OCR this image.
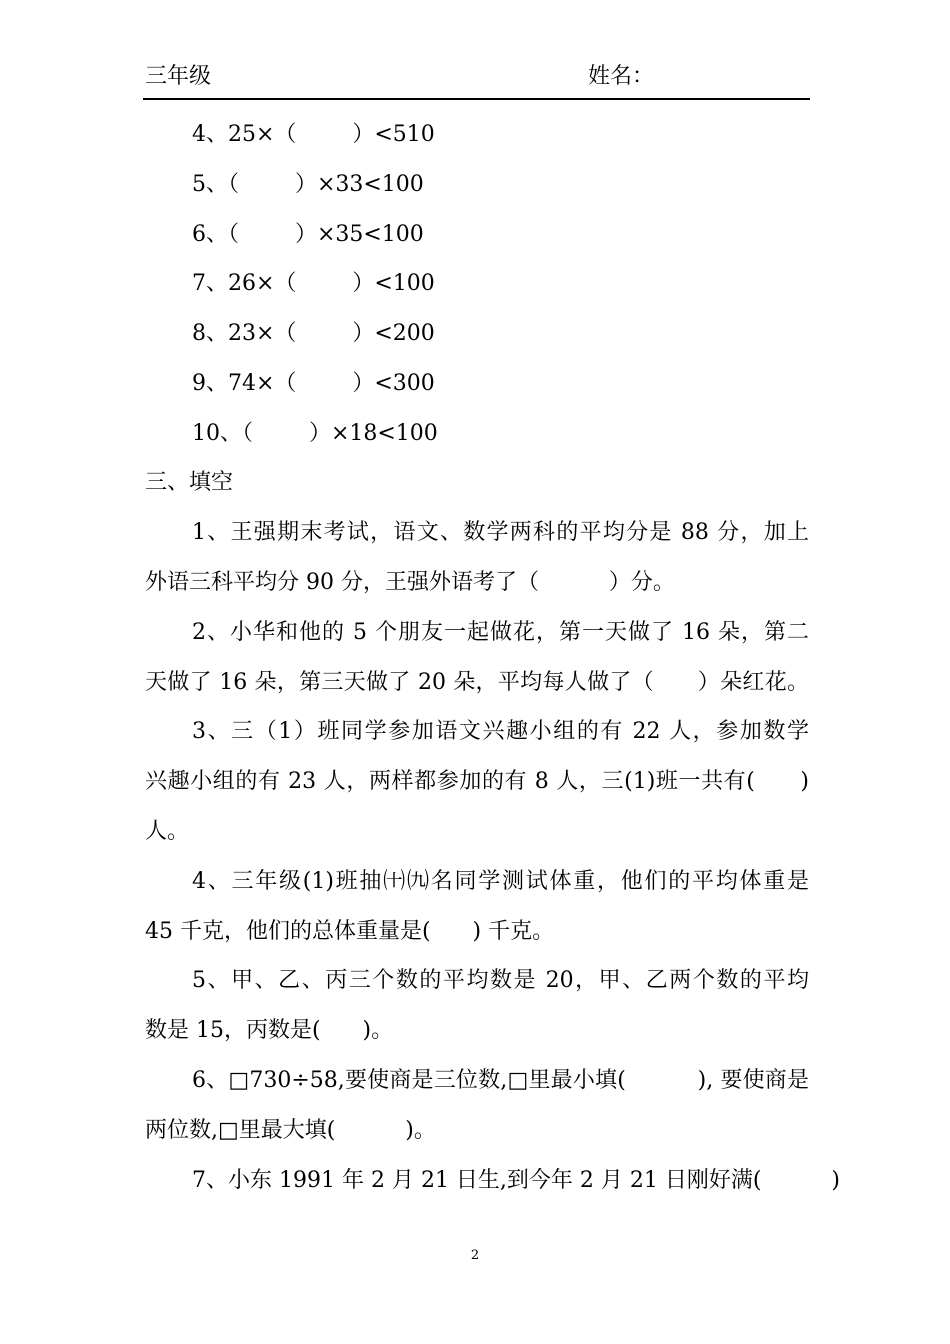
三年级	姓名：
4、25×（        ）<510
5、（        ）×33<100
6、（        ）×35<100
7、26×（        ）<100
8、23×（        ）<200
9、74×（        ）<300
10、（        ）×18<100
三、填空
1、王强期末考试，语文、数学两科的平均分是 88 分，加上
外语三科平均分 90 分，王强外语考了（          ）分。
2、小华和他的 5 个朋友一起做花，第一天做了 16 朵，第二
天做了 16 朵，第三天做了 20 朵，平均每人做了（      ）朵红花。
3、三（1）班同学参加语文兴趣小组的有 22 人，参加数学
兴趣小组的有 23 人，两样都参加的有 8 人，三(1)班一共有(      )
人。
4、三年级(1)班抽㈩㈨名同学测试体重，他们的平均体重是
45 千克，他们的总体重量是(      ) 千克。
5、甲、乙、丙三个数的平均数是 20，甲、乙两个数的平均
数是 15，丙数是(      )。
6、□730÷58,要使商是三位数,□里最小填(          ), 要使商是
两位数,□里最大填(          )。
7、小东 1991 年 2 月 21 日生,到今年 2 月 21 日刚好满(          )
2
